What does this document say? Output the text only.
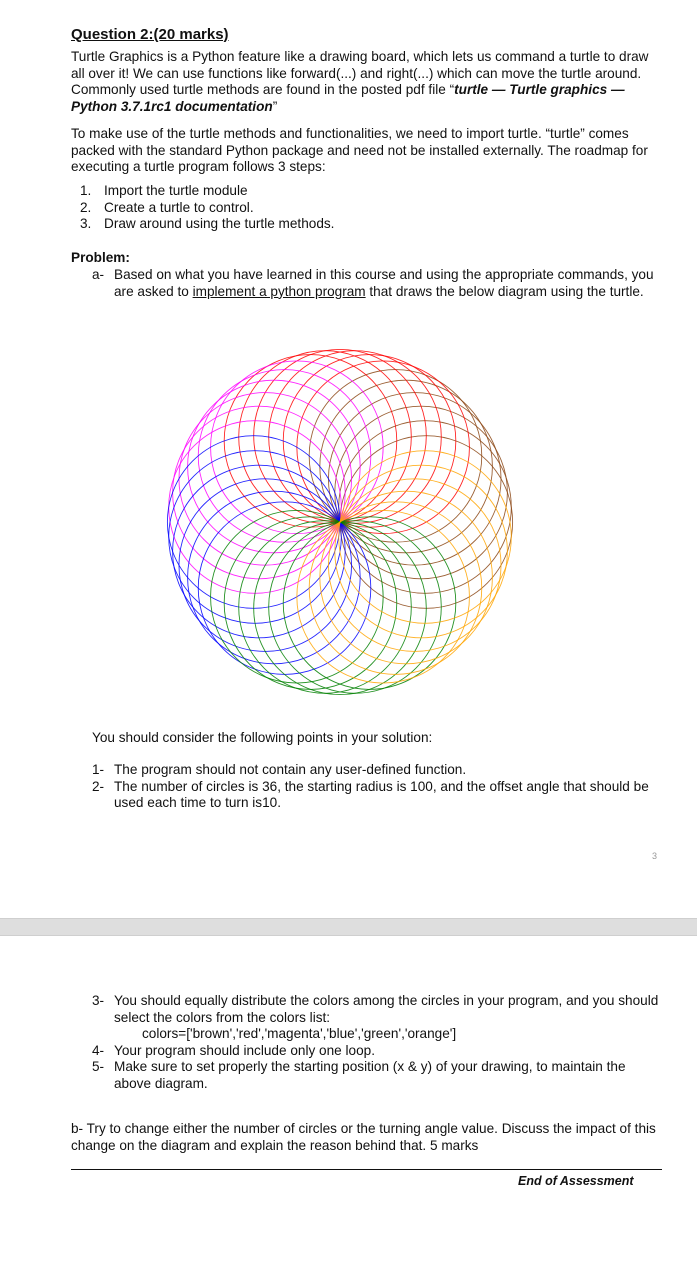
Question 2:(20 marks)
Turtle Graphics is a Python feature like a drawing board, which lets us command a turtle to draw all over it! We can use functions like forward(...) and right(...) which can move the turtle around. Commonly used turtle methods are found in the posted pdf file “turtle — Turtle graphics — Python 3.7.1rc1 documentation”
To make use of the turtle methods and functionalities, we need to import turtle. “turtle” comes packed with the standard Python package and need not be installed externally. The roadmap for executing a turtle program follows 3 steps:
1. Import the turtle module
2. Create a turtle to control.
3. Draw around using the turtle methods.
Problem:
a- Based on what you have learned in this course and using the appropriate commands, you are asked to implement a python program that draws the below diagram using the turtle.
You should consider the following points in your solution:
1- The program should not contain any user-defined function.
2- The number of circles is 36, the starting radius is 100, and the offset angle that should be used each time to turn is10.
3
3- You should equally distribute the colors among the circles in your program, and you should select the colors from the colors list:
colors=['brown','red','magenta','blue','green','orange']
4- Your program should include only one loop.
5- Make sure to set properly the starting position (x & y) of your drawing, to maintain the above diagram.
b- Try to change either the number of circles or the turning angle value. Discuss the impact of this change on the diagram and explain the reason behind that. 5 marks
End of Assessment
